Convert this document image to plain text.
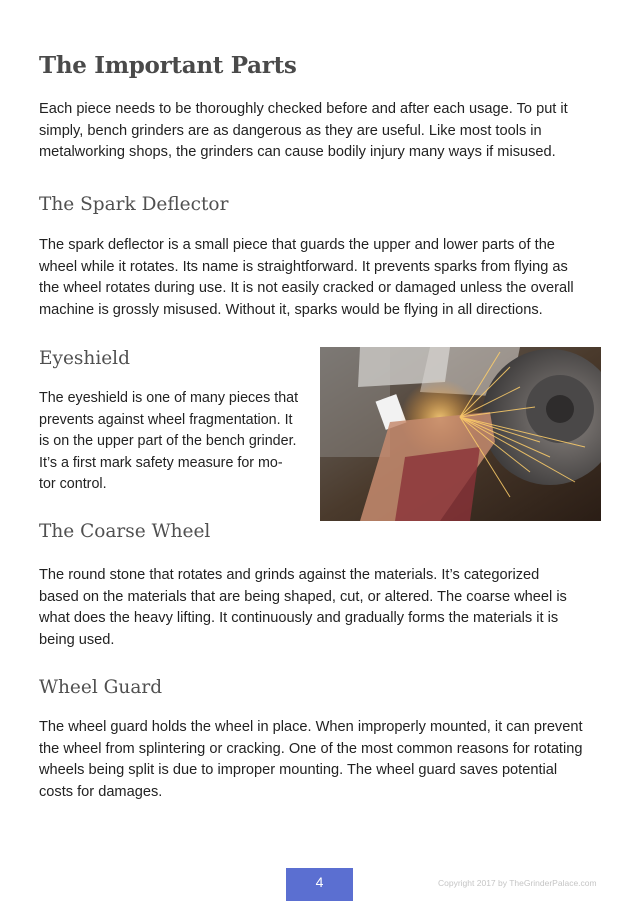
The Important Parts

Each piece needs to be thoroughly checked before and after each usage. To put it
simply, bench grinders are as dangerous as they are useful. Like most tools in
metalworking shops, the grinders can cause bodily injury many ways if misused.

The Spark Deflector

The spark deflector is a small piece that guards the upper and lower parts of the
wheel while it rotates. Its name is straightforward. It prevents sparks from flying as
the wheel rotates during use. It is not easily cracked or damaged unless the overall
machine is grossly misused. Without it, sparks would be flying in all directions.

Eyeshield

The eyeshield is one of many pieces that
prevents against wheel fragmentation. It
is on the upper part of the bench grinder.
It’s a first mark safety measure for mo-
tor control.

The Coarse Wheel

The round stone that rotates and grinds against the materials. It’s categorized
based on the materials that are being shaped, cut, or altered. The coarse wheel is
what does the heavy lifting. It continuously and gradually forms the materials it is
being used.

Wheel Guard

The wheel guard holds the wheel in place. When improperly mounted, it can prevent
the wheel from splintering or cracking. One of the most common reasons for rotating
wheels being split is due to improper mounting. The wheel guard saves potential
costs for damages.

4	Copyright 2017 by TheGrinderPalace.com
